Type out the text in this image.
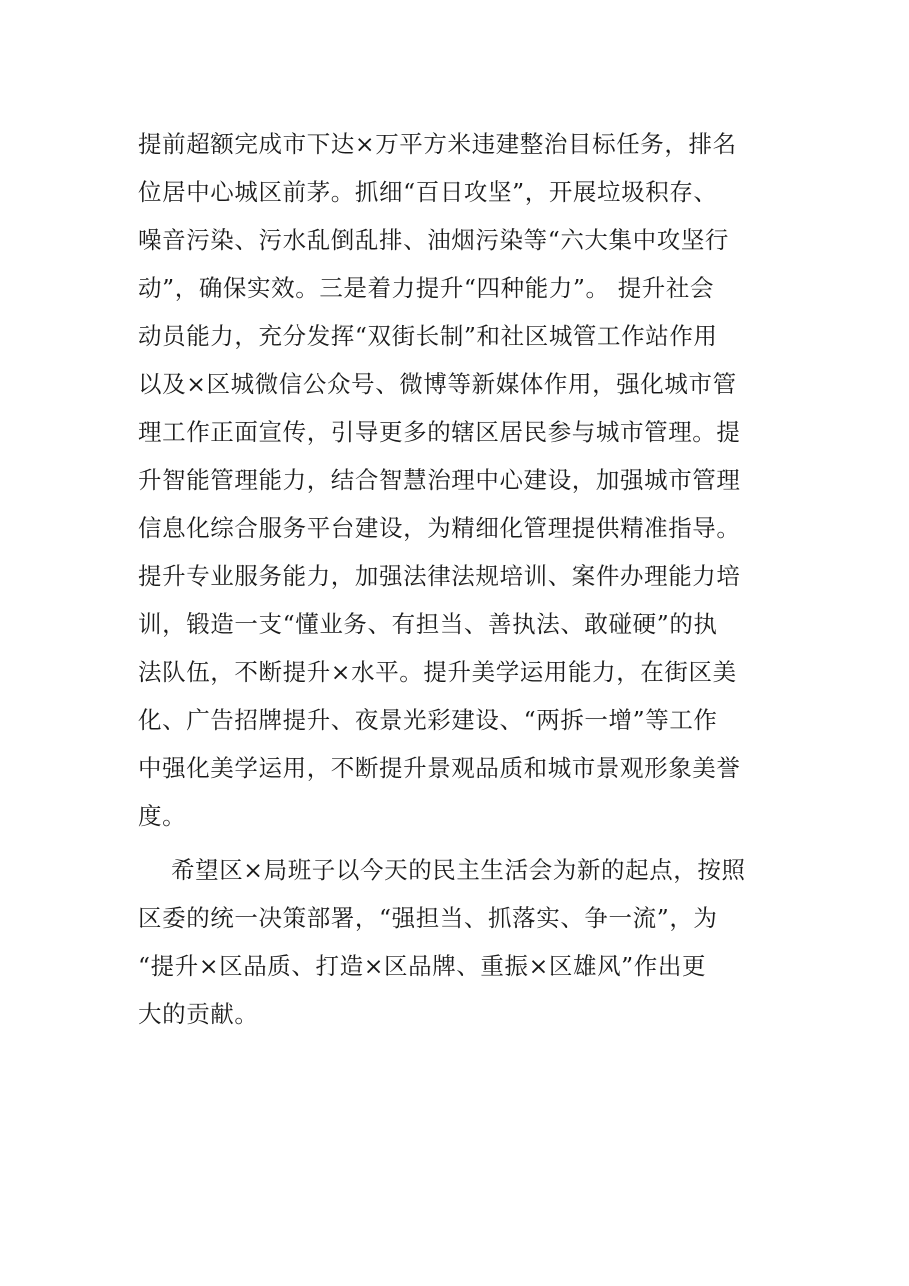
提前超额完成市下达×万平方米违建整治目标任务，排名
位居中心城区前茅。抓细“百日攻坚”，开展垃圾积存、
噪音污染、污水乱倒乱排、油烟污染等“六大集中攻坚行
动”，确保实效。三是着力提升“四种能力”。 提升社会
动员能力，充分发挥“双街长制”和社区城管工作站作用
以及×区城微信公众号、微博等新媒体作用，强化城市管
理工作正面宣传，引导更多的辖区居民参与城市管理。提
升智能管理能力，结合智慧治理中心建设，加强城市管理
信息化综合服务平台建设，为精细化管理提供精准指导。
提升专业服务能力，加强法律法规培训、案件办理能力培
训，锻造一支“懂业务、有担当、善执法、敢碰硬”的执
法队伍，不断提升×水平。提升美学运用能力，在街区美
化、广告招牌提升、夜景光彩建设、“两拆一增”等工作
中强化美学运用，不断提升景观品质和城市景观形象美誉
度。
希望区×局班子以今天的民主生活会为新的起点，按照
区委的统一决策部署，“强担当、抓落实、争一流”，为
“提升×区品质、打造×区品牌、重振×区雄风”作出更
大的贡献。
